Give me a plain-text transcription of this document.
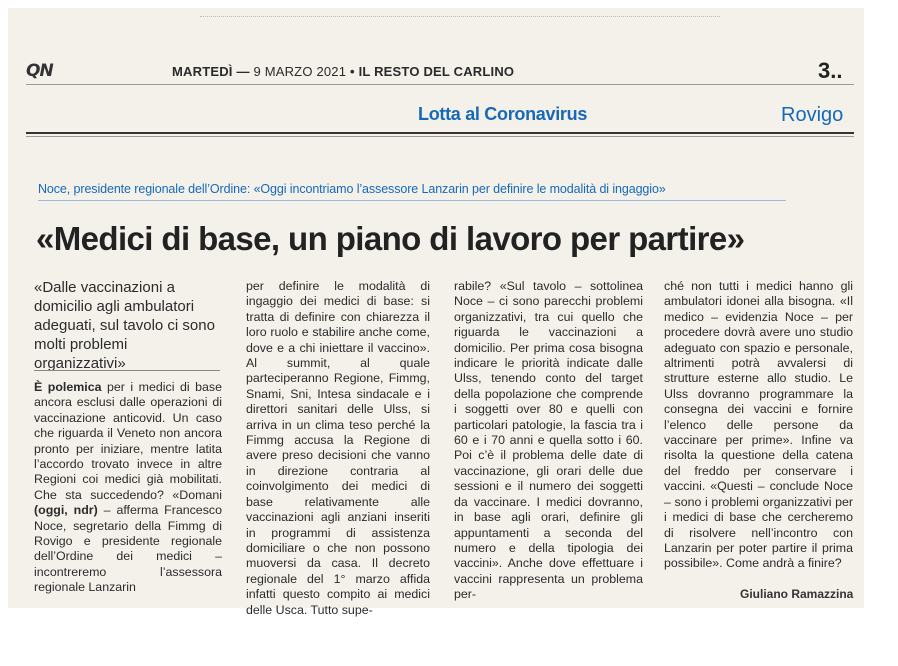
QN	MARTEDÌ — 9 MARZO 2021 • IL RESTO DEL CARLINO	3..
Lotta al Coronavirus	Rovigo
Noce, presidente regionale dell’Ordine: «Oggi incontriamo l’assessore Lanzarin per definire le modalità di ingaggio»
«Medici di base, un piano di lavoro per partire»
«Dalle vaccinazioni a domicilio agli ambulatori adeguati, sul tavolo ci sono molti problemi organizzativi»

È polemica per i medici di base ancora esclusi dalle operazioni di vaccinazione anticovid. Un caso che riguarda il Veneto non ancora pronto per iniziare, mentre latita l’accordo trovato invece in altre Regioni coi medici già mobilitati. Che sta succedendo? «Domani (oggi, ndr) – afferma Francesco Noce, segretario della Fimmg di Rovigo e presidente regionale dell’Ordine dei medici – incontreremo l’assessora regionale Lanzarin

per definire le modalità di ingaggio dei medici di base: si tratta di definire con chiarezza il loro ruolo e stabilire anche come, dove e a chi iniettare il vaccino». Al summit, al quale parteciperanno Regione, Fimmg, Snami, Sni, Intesa sindacale e i direttori sanitari delle Ulss, si arriva in un clima teso perché la Fimmg accusa la Regione di avere preso decisioni che vanno in direzione contraria al coinvolgimento dei medici di base relativamente alle vaccinazioni agli anziani inseriti in programmi di assistenza domiciliare o che non possono muoversi da casa. Il decreto regionale del 1° marzo affida infatti questo compito ai medici delle Usca. Tutto supe-

rabile? «Sul tavolo – sottolinea Noce – ci sono parecchi problemi organizzativi, tra cui quello che riguarda le vaccinazioni a domicilio. Per prima cosa bisogna indicare le priorità indicate dalle Ulss, tenendo conto del target della popolazione che comprende i soggetti over 80 e quelli con particolari patologie, la fascia tra i 60 e i 70 anni e quella sotto i 60. Poi c’è il problema delle date di vaccinazione, gli orari delle due sessioni e il numero dei soggetti da vaccinare. I medici dovranno, in base agli orari, definire gli appuntamenti a seconda del numero e della tipologia dei vaccini». Anche dove effettuare i vaccini rappresenta un problema per-

ché non tutti i medici hanno gli ambulatori idonei alla bisogna. «Il medico – evidenzia Noce – per procedere dovrà avere uno studio adeguato con spazio e personale, altrimenti potrà avvalersi di strutture esterne allo studio. Le Ulss dovranno programmare la consegna dei vaccini e fornire l’elenco delle persone da vaccinare per prime». Infine va risolta la questione della catena del freddo per conservare i vaccini. «Questi – conclude Noce – sono i problemi organizzativi per i medici di base che cercheremo di risolvere nell’incontro con Lanzarin per poter partire il prima possibile». Come andrà a finire?

Giuliano Ramazzina
